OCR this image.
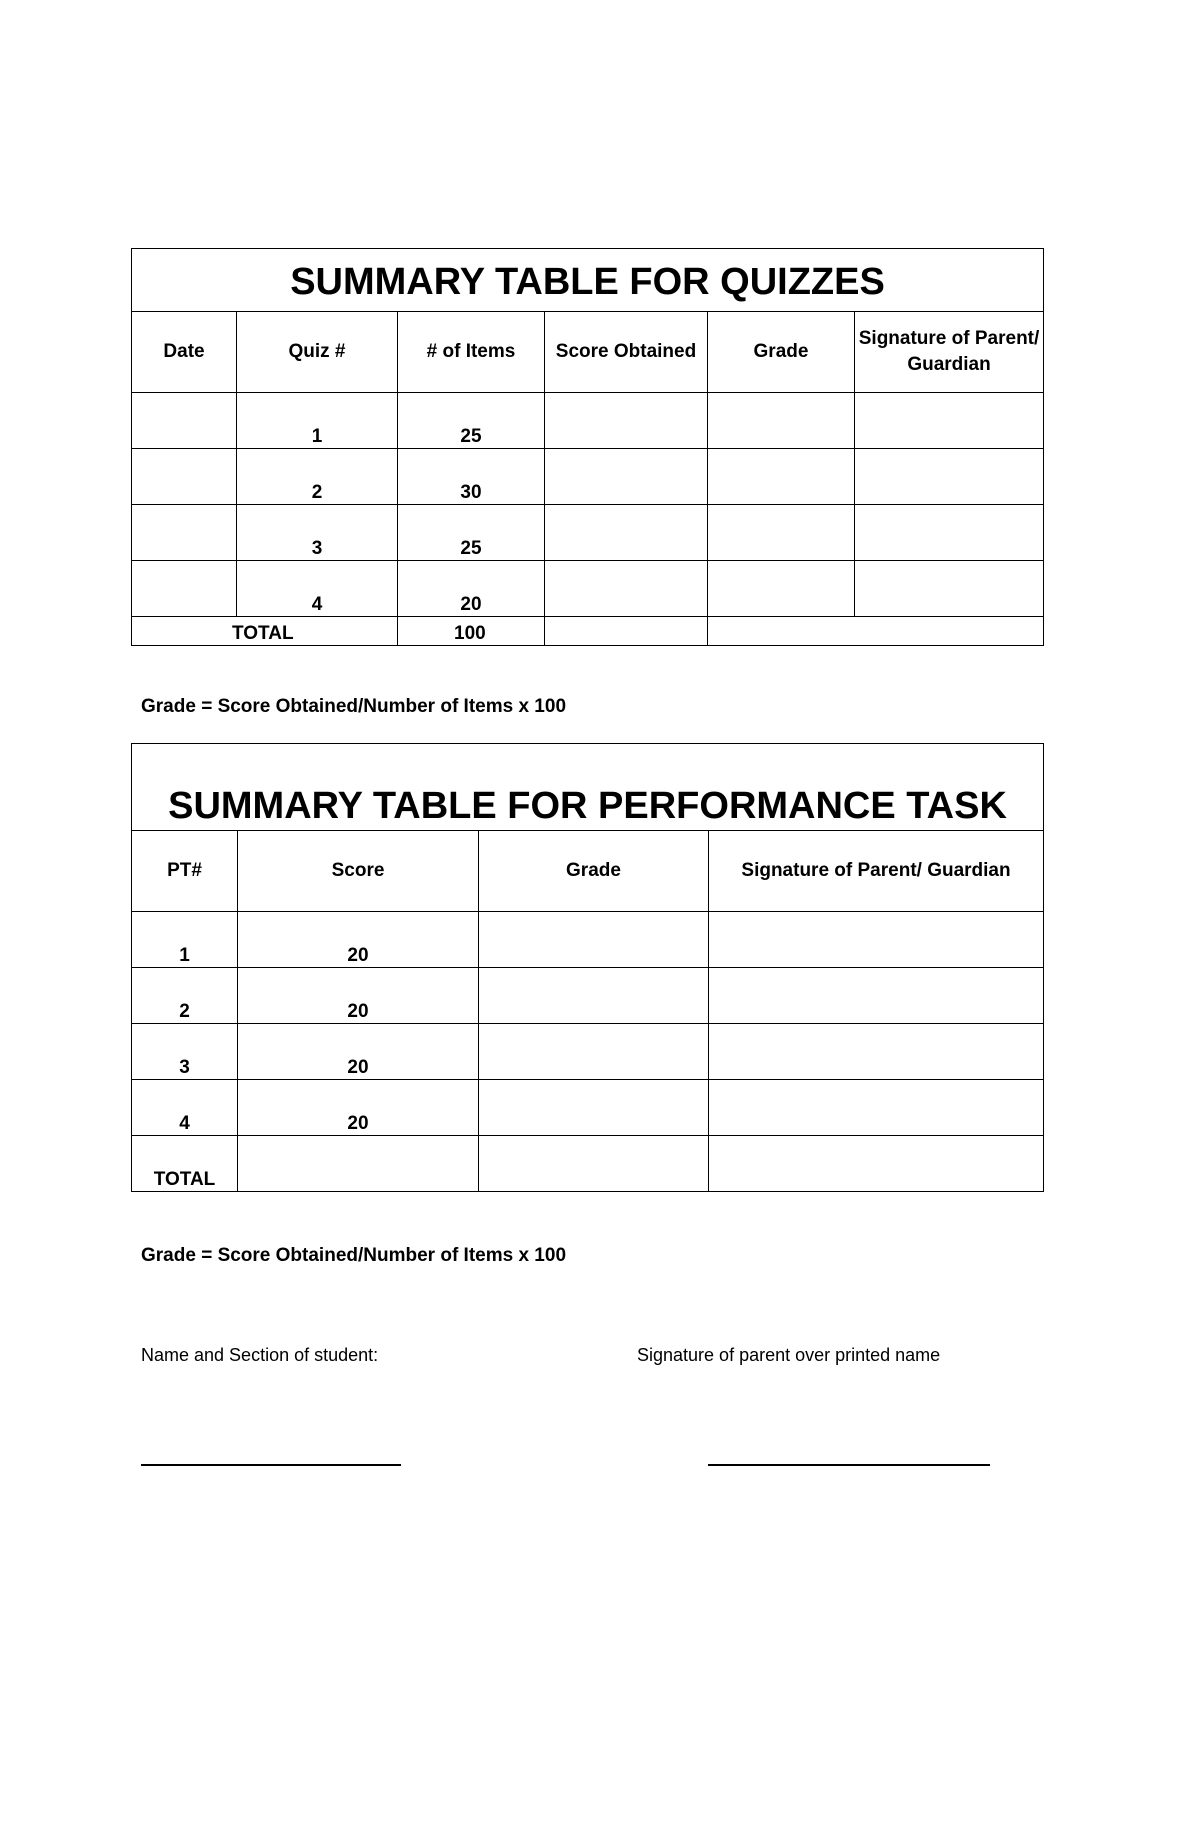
SUMMARY TABLE FOR QUIZZES					
Date	Quiz #	# of Items	Score Obtained	Grade	Signature of Parent/ Guardian
	1	25			
	2	30			
	3	25			
	4	20			
TOTAL		100			
Grade = Score Obtained/Number of Items x 100
SUMMARY TABLE FOR PERFORMANCE TASK			
PT#	Score	Grade	Signature of Parent/ Guardian
1	20		
2	20		
3	20		
4	20		
TOTAL			
Grade = Score Obtained/Number of Items x 100
Name and Section of student:	Signature of parent over printed name
